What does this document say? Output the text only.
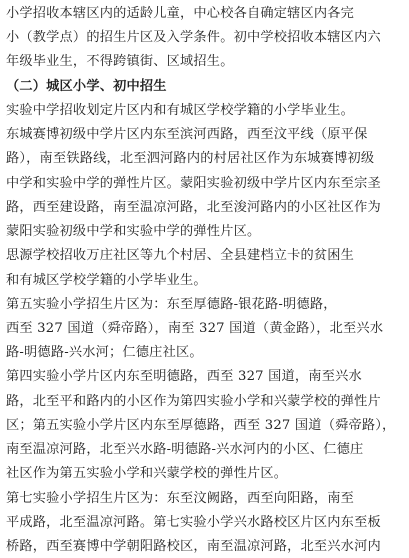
小学招收本辖区内的适龄儿童，中心校各自确定辖区内各完
小（教学点）的招生片区及入学条件。初中学校招收本辖区内六
年级毕业生，不得跨镇街、区域招生。
（二）城区小学、初中招生
实验中学招收划定片区内和有城区学校学籍的小学毕业生。
东城赛博初级中学片区内东至滨河西路，西至汶平线（原平保
路），南至铁路线，北至泗河路内的村居社区作为东城赛博初级
中学和实验中学的弹性片区。蒙阳实验初级中学片区内东至宗圣
路，西至建设路，南至温凉河路，北至浚河路内的小区社区作为
蒙阳实验初级中学和实验中学的弹性片区。
思源学校招收万庄社区等九个村居、全县建档立卡的贫困生
和有城区学校学籍的小学毕业生。
第五实验小学招生片区为：东至厚德路-银花路-明德路，
西至 327 国道（舜帝路），南至 327 国道（黄金路），北至兴水
路-明德路-兴水河；仁德庄社区。
第四实验小学片区内东至明德路，西至 327 国道，南至兴水
路，北至平和路内的小区作为第四实验小学和兴蒙学校的弹性片
区；第五实验小学片区内东至厚德路，西至 327 国道（舜帝路），
南至温凉河路，北至兴水路-明德路-兴水河内的小区、仁德庄
社区作为第五实验小学和兴蒙学校的弹性片区。
第七实验小学招生片区为：东至汶阙路，西至向阳路，南至
平成路，北至温凉河路。第七实验小学兴水路校区片区内东至板
桥路，西至赛博中学朝阳路校区，南至温凉河路，北至兴水河内
